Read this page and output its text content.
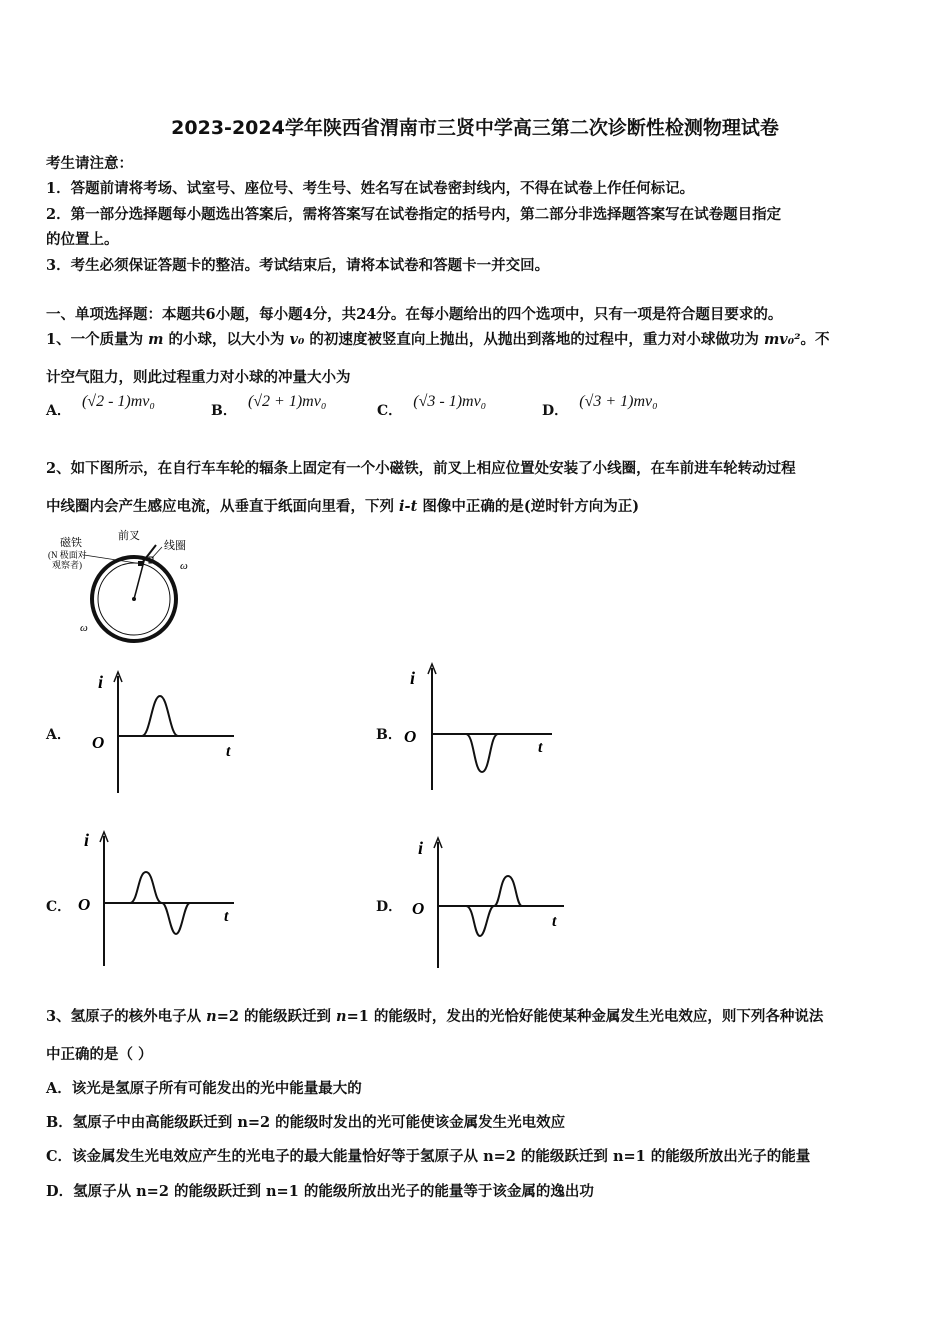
2023-2024学年陕西省渭南市三贤中学高三第二次诊断性检测物理试卷
考生请注意：
1．答题前请将考场、试室号、座位号、考生号、姓名写在试卷密封线内，不得在试卷上作任何标记。
2．第一部分选择题每小题选出答案后，需将答案写在试卷指定的括号内，第二部分非选择题答案写在试卷题目指定
的位置上。
3．考生必须保证答题卡的整洁。考试结束后，请将本试卷和答题卡一并交回。
一、单项选择题：本题共6小题，每小题4分，共24分。在每小题给出的四个选项中，只有一项是符合题目要求的。
1、一个质量为 m 的小球，以大小为 v₀ 的初速度被竖直向上抛出，从抛出到落地的过程中，重力对小球做功为 mv₀²。不
计空气阻力，则此过程重力对小球的冲量大小为
A． (√2 - 1)mv₀
B． (√2 + 1)mv₀
C． (√3 - 1)mv₀
D． (√3 + 1)mv₀
2、如下图所示，在自行车车轮的辐条上固定有一个小磁铁，前叉上相应位置处安装了小线圈，在车前进车轮转动过程
中线圈内会产生感应电流，从垂直于纸面向里看，下列 i-t 图像中正确的是(逆时针方向为正)
磁铁
(N 极面对
观察者)
前叉
线圈
ω
ω
A．
i
O	t
B．
i
O
t
C．
i
O
t
D．
i
O
t
3、氢原子的核外电子从 n=2 的能级跃迁到 n=1 的能级时，发出的光恰好能使某种金属发生光电效应，则下列各种说法
中正确的是（ ）
A．该光是氢原子所有可能发出的光中能量最大的
B．氢原子中由高能级跃迁到 n=2 的能级时发出的光可能使该金属发生光电效应
C．该金属发生光电效应产生的光电子的最大能量恰好等于氢原子从 n=2 的能级跃迁到 n=1 的能级所放出光子的能量
D．氢原子从 n=2 的能级跃迁到 n=1 的能级所放出光子的能量等于该金属的逸出功
